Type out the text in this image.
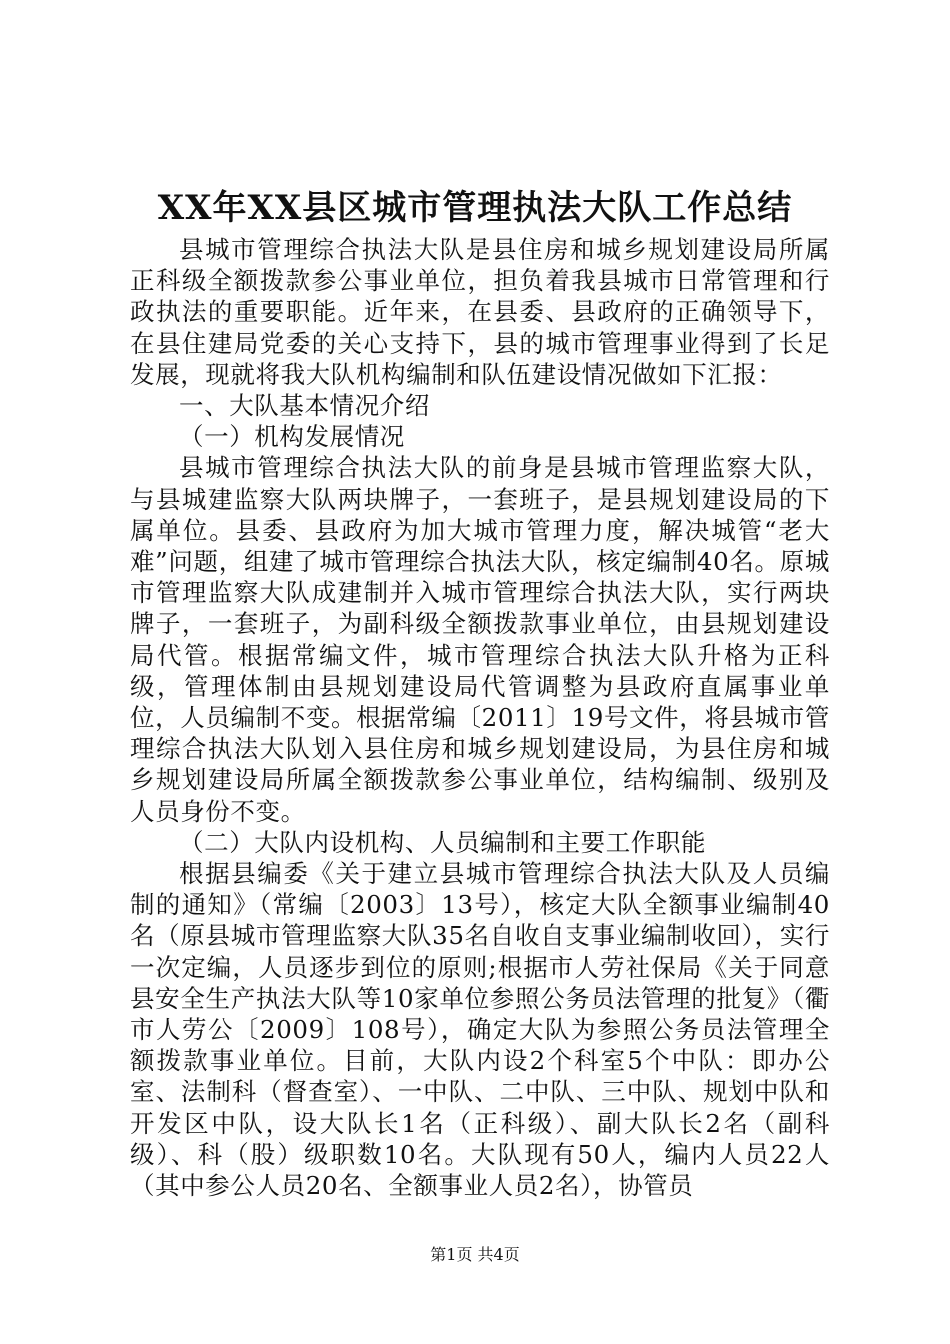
XX年XX县区城市管理执法大队工作总结

县城市管理综合执法大队是县住房和城乡规划建设局所属正科级全额拨款参公事业单位，担负着我县城市日常管理和行政执法的重要职能。近年来，在县委、县政府的正确领导下，在县住建局党委的关心支持下，县的城市管理事业得到了长足发展，现就将我大队机构编制和队伍建设情况做如下汇报：

一、大队基本情况介绍

（一）机构发展情况

县城市管理综合执法大队的前身是县城市管理监察大队，与县城建监察大队两块牌子，一套班子，是县规划建设局的下属单位。县委、县政府为加大城市管理力度，解决城管“老大难”问题，组建了城市管理综合执法大队，核定编制40名。原城市管理监察大队成建制并入城市管理综合执法大队，实行两块牌子，一套班子，为副科级全额拨款事业单位，由县规划建设局代管。根据常编文件，城市管理综合执法大队升格为正科级，管理体制由县规划建设局代管调整为县政府直属事业单位，人员编制不变。根据常编〔2011〕19号文件，将县城市管理综合执法大队划入县住房和城乡规划建设局，为县住房和城乡规划建设局所属全额拨款参公事业单位，结构编制、级别及人员身份不变。

（二）大队内设机构、人员编制和主要工作职能

根据县编委《关于建立县城市管理综合执法大队及人员编制的通知》（常编〔2003〕13号），核定大队全额事业编制40名（原县城市管理监察大队35名自收自支事业编制收回），实行一次定编，人员逐步到位的原则;根据市人劳社保局《关于同意县安全生产执法大队等10家单位参照公务员法管理的批复》（衢市人劳公〔2009〕108号），确定大队为参照公务员法管理全额拨款事业单位。目前，大队内设2个科室5个中队：即办公室、法制科（督查室）、一中队、二中队、三中队、规划中队和开发区中队，设大队长1名（正科级）、副大队长2名（副科级）、科（股）级职数10名。大队现有50人，编内人员22人（其中参公人员20名、全额事业人员2名），协管员

第1页 共4页
